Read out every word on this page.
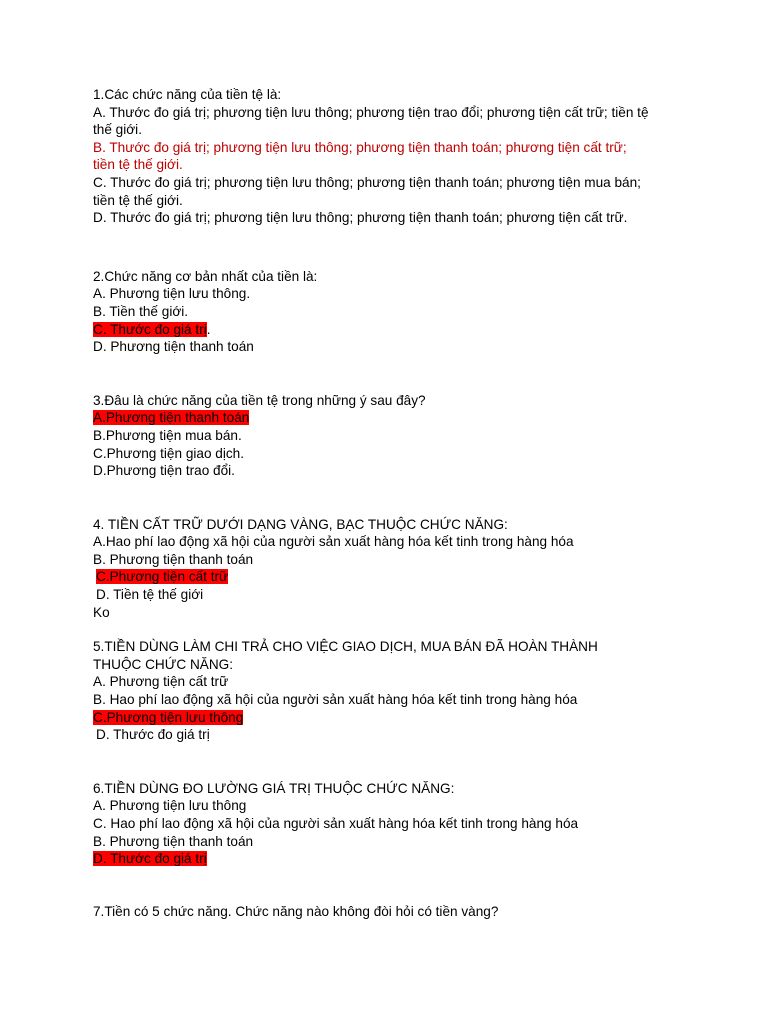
1.Các chức năng của tiền tệ là:
A. Thước đo giá trị; phương tiện lưu thông; phương tiện trao đổi; phương tiện cất trữ; tiền tệ
thế giới.
B. Thước đo giá trị; phương tiện lưu thông; phương tiện thanh toán; phương tiện cất trữ;
tiền tệ thế giới.
C. Thước đo giá trị; phương tiện lưu thông; phương tiện thanh toán; phương tiện mua bán;
tiền tệ thế giới.
D. Thước đo giá trị; phương tiện lưu thông; phương tiện thanh toán; phương tiện cất trữ.
2.Chức năng cơ bản nhất của tiền là:
A. Phương tiện lưu thông.
B. Tiền thế giới.
C. Thước đo giá trị.
D. Phương tiện thanh toán
3.Đâu là chức năng của tiền tệ trong những ý sau đây?
A.Phương tiện thanh toán
B.Phương tiện mua bán.
C.Phương tiện giao dịch.
D.Phương tiện trao đổi.
4. TIỀN CẤT TRỮ DƯỚI DẠNG VÀNG, BẠC THUỘC CHỨC NĂNG:
A.Hao phí lao động xã hội của người sản xuất hàng hóa kết tinh trong hàng hóa
B. Phương tiện thanh toán
C.Phương tiện cất trữ
D. Tiền tệ thế giới
Ko
5.TIỀN DÙNG LÀM CHI TRẢ CHO VIỆC GIAO DỊCH, MUA BÁN ĐÃ HOÀN THÀNH
THUỘC CHỨC NĂNG:
A. Phương tiện cất trữ
B. Hao phí lao động xã hội của người sản xuất hàng hóa kết tinh trong hàng hóa
C.Phương tiện lưu thông
D. Thước đo giá trị
6.TIỀN DÙNG ĐO LƯỜNG GIÁ TRỊ THUỘC CHỨC NĂNG:
A. Phương tiện lưu thông
C. Hao phí lao động xã hội của người sản xuất hàng hóa kết tinh trong hàng hóa
B. Phương tiện thanh toán
D. Thước đo giá trị
7.Tiền có 5 chức năng. Chức năng nào không đòi hỏi có tiền vàng?
